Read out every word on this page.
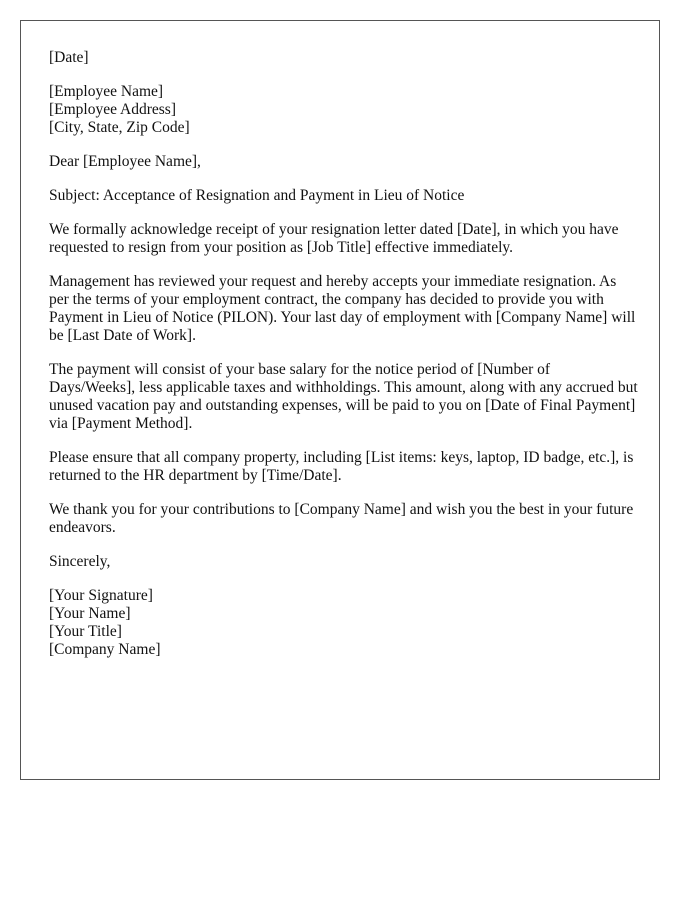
[Date]

[Employee Name]
[Employee Address]
[City, State, Zip Code]

Dear [Employee Name],

Subject: Acceptance of Resignation and Payment in Lieu of Notice

We formally acknowledge receipt of your resignation letter dated [Date], in which you have requested to resign from your position as [Job Title] effective immediately.

Management has reviewed your request and hereby accepts your immediate resignation. As per the terms of your employment contract, the company has decided to provide you with Payment in Lieu of Notice (PILON). Your last day of employment with [Company Name] will be [Last Date of Work].

The payment will consist of your base salary for the notice period of [Number of Days/Weeks], less applicable taxes and withholdings. This amount, along with any accrued but unused vacation pay and outstanding expenses, will be paid to you on [Date of Final Payment] via [Payment Method].

Please ensure that all company property, including [List items: keys, laptop, ID badge, etc.], is returned to the HR department by [Time/Date].

We thank you for your contributions to [Company Name] and wish you the best in your future endeavors.

Sincerely,

[Your Signature]
[Your Name]
[Your Title]
[Company Name]
